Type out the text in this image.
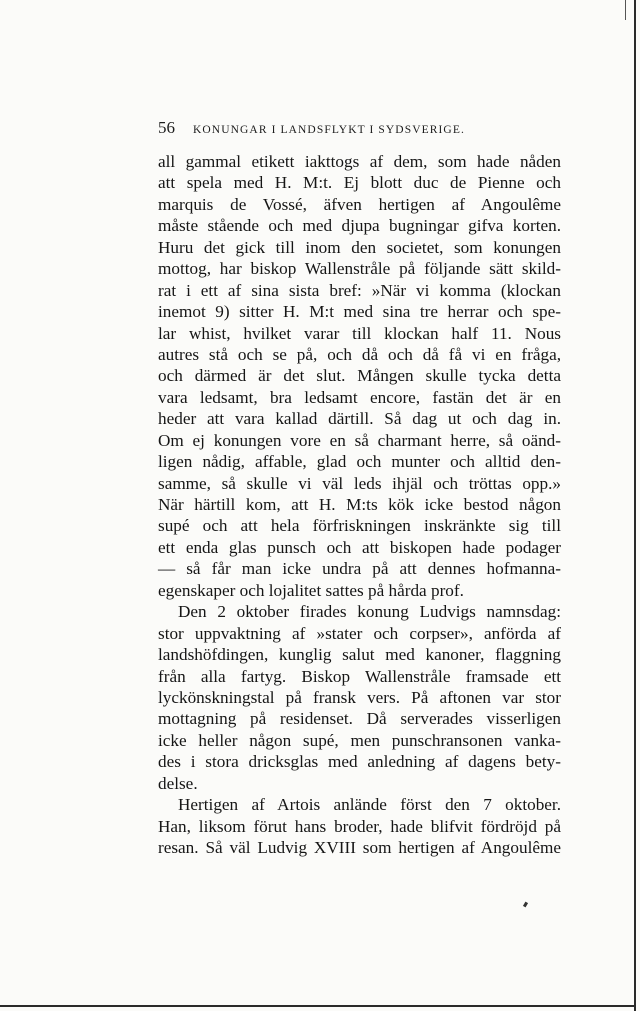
56 KONUNGAR I LANDSFLYKT I SYDSVERIGE.
all gammal etikett iakttogs af dem, som hade nåden
att spela med H. M:t. Ej blott duc de Pienne och
marquis de Vossé, äfven hertigen af Angoulême
måste stående och med djupa bugningar gifva korten.
Huru det gick till inom den societet, som konungen
mottog, har biskop Wallenstråle på följande sätt skild-
rat i ett af sina sista bref: »När vi komma (klockan
inemot 9) sitter H. M:t med sina tre herrar och spe-
lar whist, hvilket varar till klockan half 11. Nous
autres stå och se på, och då och då få vi en fråga,
och därmed är det slut. Mången skulle tycka detta
vara ledsamt, bra ledsamt encore, fastän det är en
heder att vara kallad därtill. Så dag ut och dag in.
Om ej konungen vore en så charmant herre, så oänd-
ligen nådig, affable, glad och munter och alltid den-
samme, så skulle vi väl leds ihjäl och tröttas opp.»
När härtill kom, att H. M:ts kök icke bestod någon
supé och att hela förfriskningen inskränkte sig till
ett enda glas punsch och att biskopen hade podager
— så får man icke undra på att dennes hofmanna-
egenskaper och lojalitet sattes på hårda prof.
Den 2 oktober firades konung Ludvigs namnsdag:
stor uppvaktning af »stater och corpser», anförda af
landshöfdingen, kunglig salut med kanoner, flaggning
från alla fartyg. Biskop Wallenstråle framsade ett
lyckönskningstal på fransk vers. På aftonen var stor
mottagning på residenset. Då serverades visserligen
icke heller någon supé, men punschransonen vanka-
des i stora dricksglas med anledning af dagens bety-
delse.
Hertigen af Artois anlände först den 7 oktober.
Han, liksom förut hans broder, hade blifvit fördröjd på
resan. Så väl Ludvig XVIII som hertigen af Angoulême
